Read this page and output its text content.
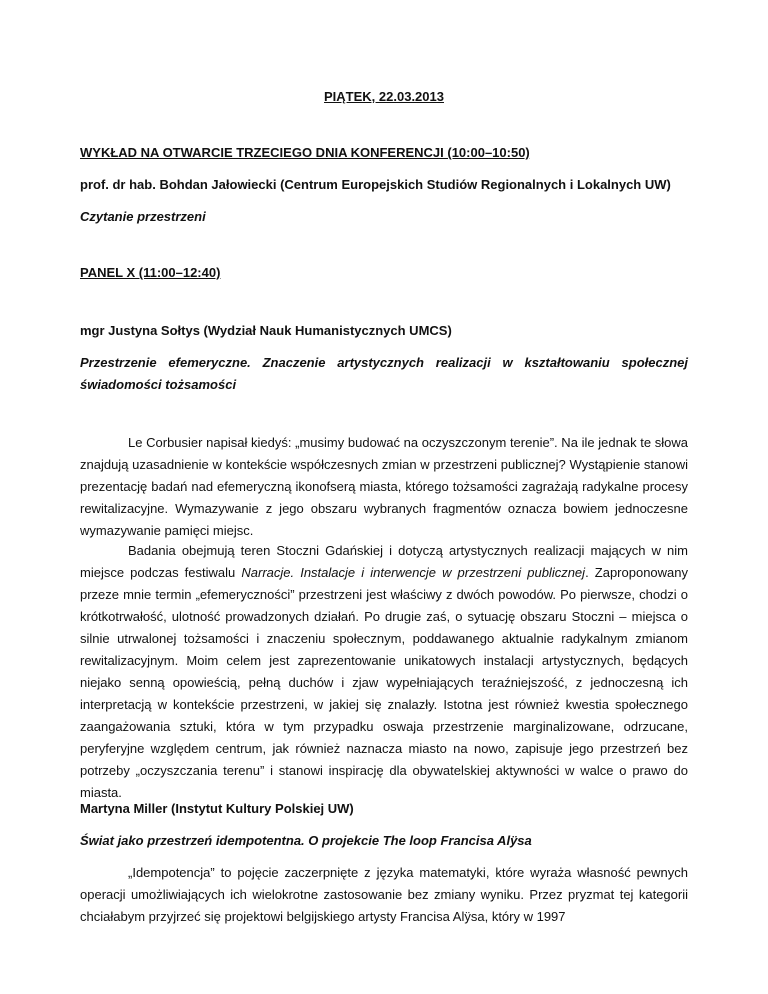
PIĄTEK, 22.03.2013

WYKŁAD NA OTWARCIE TRZECIEGO DNIA KONFERENCJI (10:00–10:50)

prof. dr hab. Bohdan Jałowiecki (Centrum Europejskich Studiów Regionalnych i Lokalnych UW)

Czytanie przestrzeni

PANEL X (11:00–12:40)

mgr Justyna Sołtys (Wydział Nauk Humanistycznych UMCS)

Przestrzenie efemeryczne. Znaczenie artystycznych realizacji w kształtowaniu społecznej świadomości tożsamości

Le Corbusier napisał kiedyś: „musimy budować na oczyszczonym terenie”. Na ile jednak te słowa znajdują uzasadnienie w kontekście współczesnych zmian w przestrzeni publicznej? Wystąpienie stanowi prezentację badań nad efemeryczną ikonofserą miasta, którego tożsamości zagrażają radykalne procesy rewitalizacyjne. Wymazywanie z jego obszaru wybranych fragmentów oznacza bowiem jednoczesne wymazywanie pamięci miejsc.

Badania obejmują teren Stoczni Gdańskiej i dotyczą artystycznych realizacji mających w nim miejsce podczas festiwalu Narracje. Instalacje i interwencje w przestrzeni publicznej. Zaproponowany przeze mnie termin „efemeryczności” przestrzeni jest właściwy z dwóch powodów. Po pierwsze, chodzi o krótkotrwałość, ulotność prowadzonych działań. Po drugie zaś, o sytuację obszaru Stoczni – miejsca o silnie utrwalonej tożsamości i znaczeniu społecznym, poddawanego aktualnie radykalnym zmianom rewitalizacyjnym. Moim celem jest zaprezentowanie unikatowych instalacji artystycznych, będących niejako senną opowieścią, pełną duchów i zjaw wypełniających teraźniejszość, z jednoczesną ich interpretacją w kontekście przestrzeni, w jakiej się znalazły. Istotna jest również kwestia społecznego zaangażowania sztuki, która w tym przypadku oswaja przestrzenie marginalizowane, odrzucane, peryferyjne względem centrum, jak również naznacza miasto na nowo, zapisuje jego przestrzeń bez potrzeby „oczyszczania terenu” i stanowi inspirację dla obywatelskiej aktywności w walce o prawo do miasta.

Martyna Miller (Instytut Kultury Polskiej UW)

Świat jako przestrzeń idempotentna. O projekcie The loop Francisa Alÿsa

„Idempotencja” to pojęcie zaczerpnięte z języka matematyki, które wyraża własność pewnych operacji umożliwiających ich wielokrotne zastosowanie bez zmiany wyniku. Przez pryzmat tej kategorii chciałabym przyjrzeć się projektowi belgijskiego artysty Francisa Alÿsa, który w 1997
